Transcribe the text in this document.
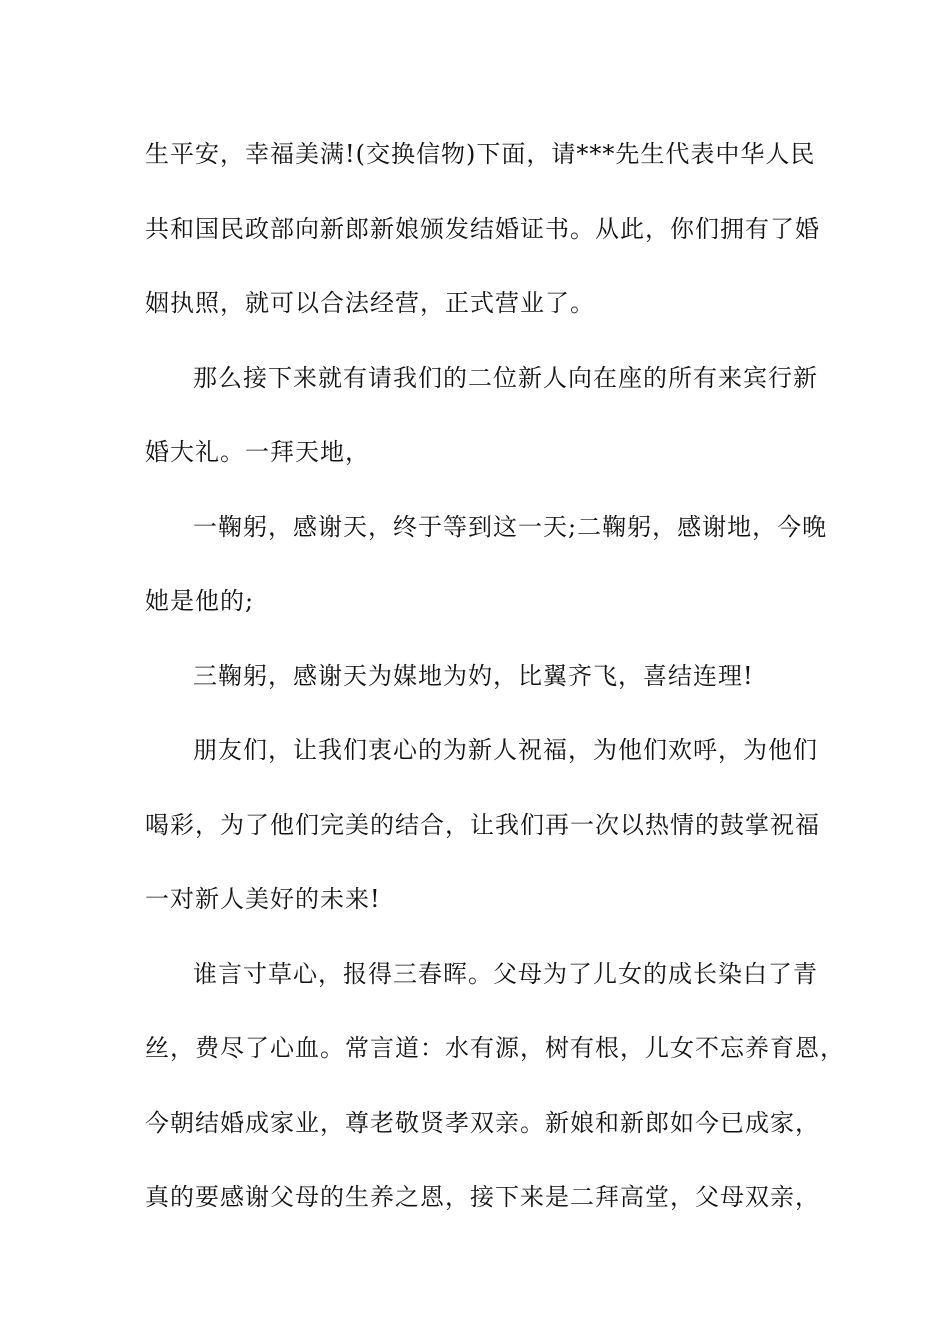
生平安，幸福美满!(交换信物)下面，请***先生代表中华人民

共和国民政部向新郎新娘颁发结婚证书。从此，你们拥有了婚

姻执照，就可以合法经营，正式营业了。

那么接下来就有请我们的二位新人向在座的所有来宾行新

婚大礼。一拜天地，

一鞠躬，感谢天，终于等到这一天;二鞠躬，感谢地，今晚

她是他的;

三鞠躬，感谢天为媒地为妁，比翼齐飞，喜结连理!

朋友们，让我们衷心的为新人祝福，为他们欢呼，为他们

喝彩，为了他们完美的结合，让我们再一次以热情的鼓掌祝福

一对新人美好的未来!

谁言寸草心，报得三春晖。父母为了儿女的成长染白了青

丝，费尽了心血。常言道：水有源，树有根，儿女不忘养育恩，

今朝结婚成家业，尊老敬贤孝双亲。新娘和新郎如今已成家，

真的要感谢父母的生养之恩，接下来是二拜高堂，父母双亲，
